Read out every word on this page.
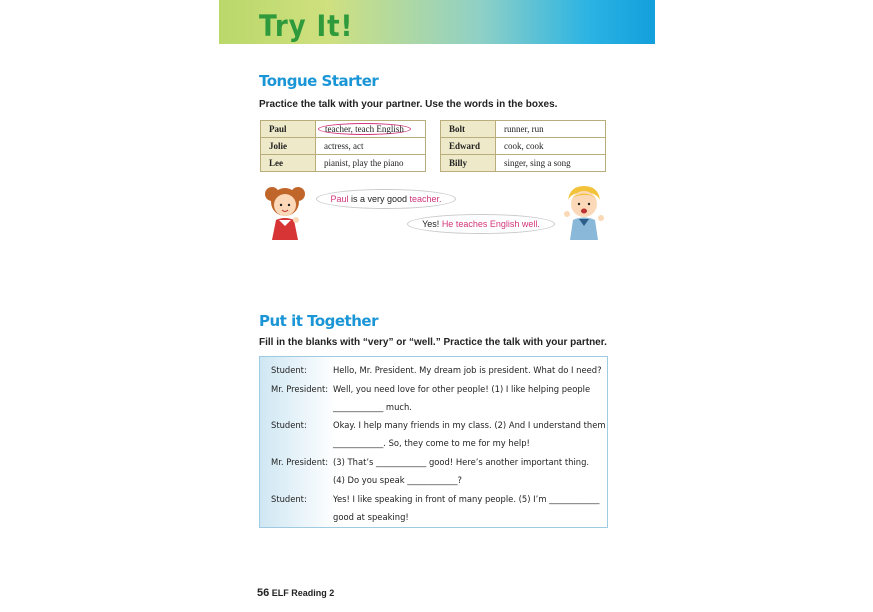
Try It!
Tongue Starter
Practice the talk with your partner. Use the words in the boxes.
Paul	teacher, teach English
Jolie	actress, act
Lee	pianist, play the piano
Bolt	runner, run
Edward	cook, cook
Billy	singer, sing a song
Paul is a very good teacher.
Yes! He teaches English well.
Put it Together
Fill in the blanks with “very” or “well.” Practice the talk with your partner.
Student:	Hello, Mr. President. My dream job is president. What do I need?
Mr. President: Well, you need love for other people! (1) I like helping people
____________ much.
Student:	Okay. I help many friends in my class. (2) And I understand them
____________. So, they come to me for my help!
Mr. President: (3) That’s ____________ good! Here’s another important thing.
(4) Do you speak ____________?
Student:	Yes! I like speaking in front of many people. (5) I’m ____________
good at speaking!
56 ELF Reading 2
